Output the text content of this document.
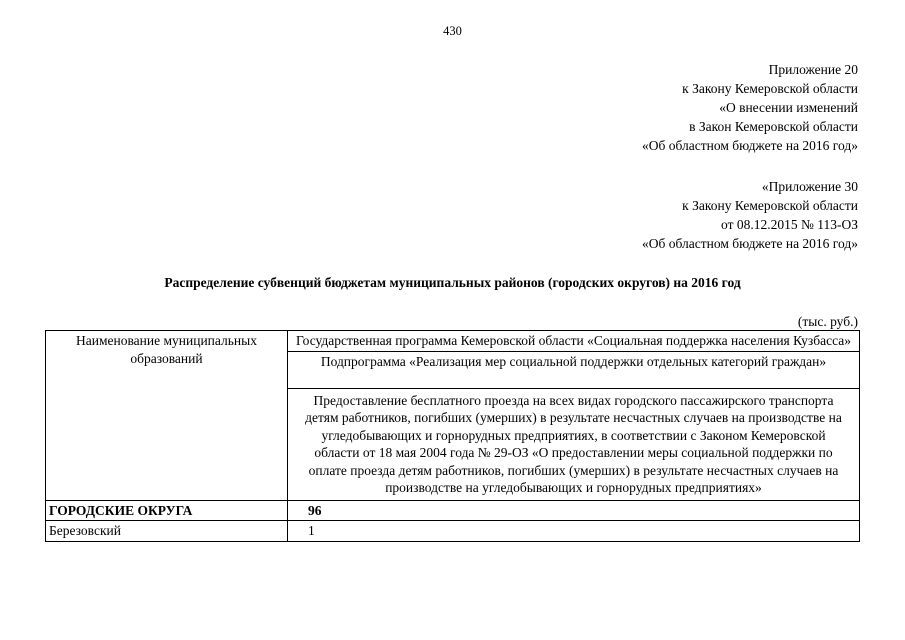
430
Приложение 20
к Закону Кемеровской области
«О внесении изменений
в Закон Кемеровской области
«Об областном бюджете на 2016 год»
«Приложение 30
к Закону Кемеровской области
от 08.12.2015 № 113-ОЗ
«Об областном бюджете на 2016 год»
Распределение субвенций бюджетам муниципальных районов (городских округов) на 2016 год
(тыс. руб.)
Наименование муниципальных образований	Государственная программа Кемеровской области «Социальная поддержка населения Кузбасса»
	Подпрограмма «Реализация мер социальной поддержки отдельных категорий граждан»
	Предоставление бесплатного проезда на всех видах городского пассажирского транспорта детям работников, погибших (умерших) в результате несчастных случаев на производстве на угледобывающих и горнорудных предприятиях, в соответствии с Законом Кемеровской области от 18 мая 2004 года № 29-ОЗ «О предоставлении меры социальной поддержки по оплате проезда детям работников, погибших (умерших) в результате несчастных случаев на производстве на угледобывающих и горнорудных предприятиях»
ГОРОДСКИЕ ОКРУГА	96
Березовский	1
